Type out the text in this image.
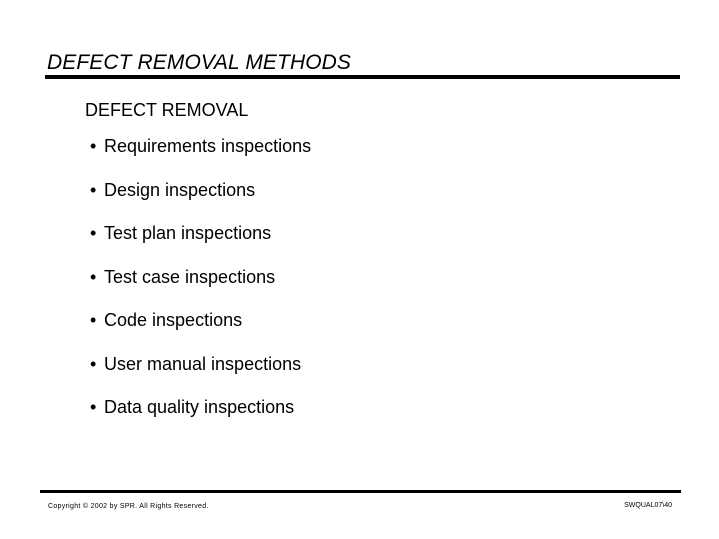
DEFECT REMOVAL METHODS
DEFECT REMOVAL
• Requirements inspections
• Design inspections
• Test plan inspections
• Test case inspections
• Code inspections
• User manual inspections
• Data quality inspections
Copyright © 2002 by SPR. All Rights Reserved.	SWQUAL07\40
